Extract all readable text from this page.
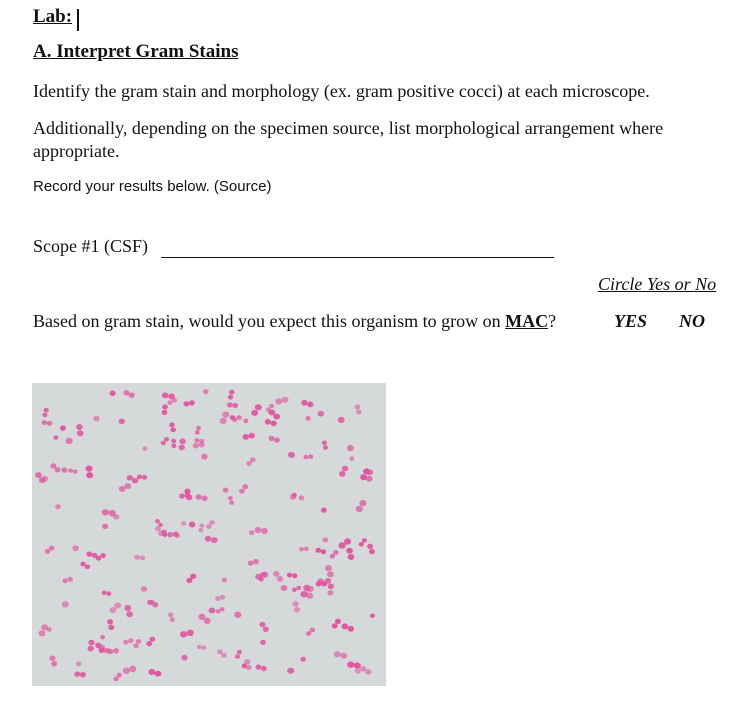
Lab:
A. Interpret Gram Stains
Identify the gram stain and morphology (ex. gram positive cocci) at each microscope.
Additionally, depending on the specimen source, list morphological arrangement where appropriate.
Record your results below. (Source)
Scope #1 (CSF)
Circle Yes or No
Based on gram stain, would you expect this organism to grow on MAC?	YES NO
